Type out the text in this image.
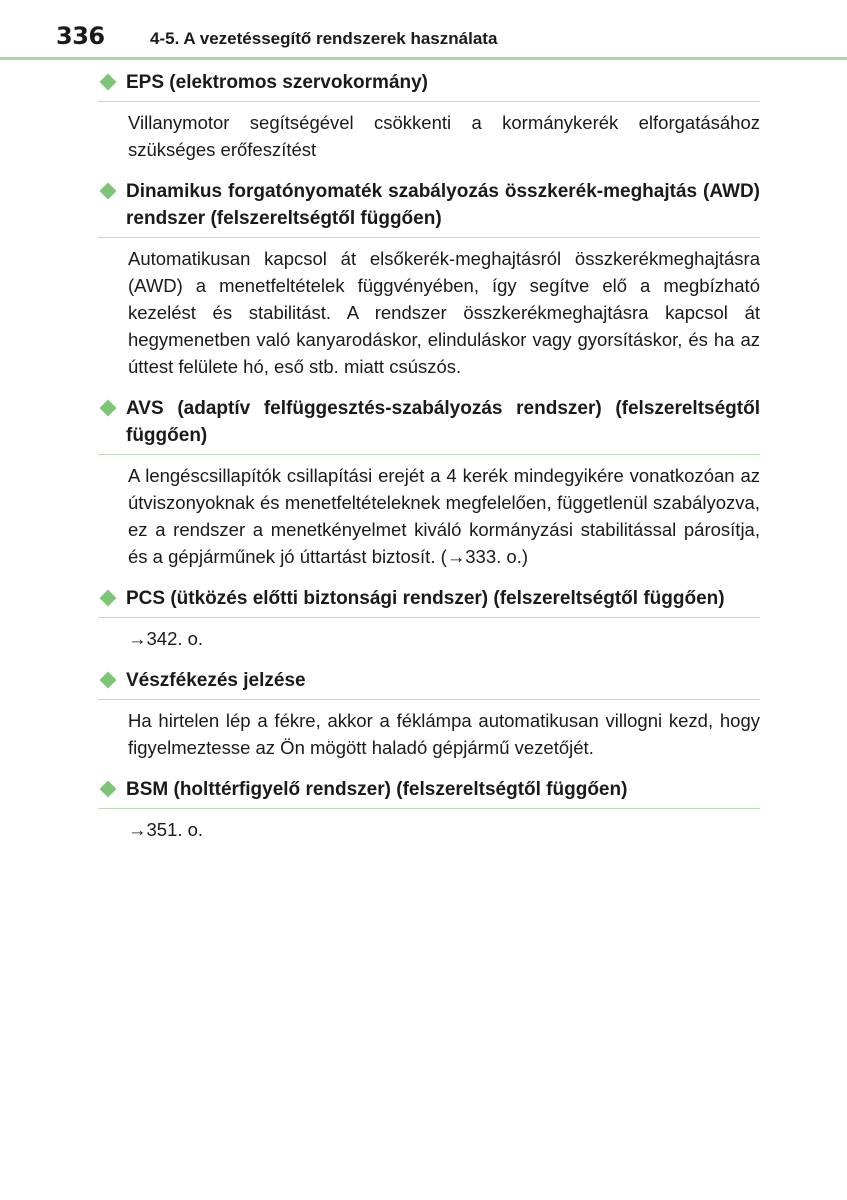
336	4-5. A vezetéssegítő rendszerek használata
EPS (elektromos szervokormány)
Villanymotor segítségével csökkenti a kormánykerék elforgatásához szükséges erőfeszítést
Dinamikus forgatónyomaték szabályozás összkerék-meghajtás (AWD) rendszer (felszereltségtől függően)
Automatikusan kapcsol át elsőkerék-meghajtásról összkerékmeghajtásra (AWD) a menetfeltételek függvényében, így segítve elő a megbízható kezelést és stabilitást. A rendszer összkerékmeghajtásra kapcsol át hegymenetben való kanyarodáskor, elinduláskor vagy gyorsításkor, és ha az úttest felülete hó, eső stb. miatt csúszós.
AVS (adaptív felfüggesztés-szabályozás rendszer) (felszereltségtől függően)
A lengéscsillapítók csillapítási erejét a 4 kerék mindegyikére vonatkozóan az útviszonyoknak és menetfeltételeknek megfelelően, függetlenül szabályozva, ez a rendszer a menetkényelmet kiváló kormányzási stabilitással párosítja, és a gépjárműnek jó úttartást biztosít. (→333. o.)
PCS (ütközés előtti biztonsági rendszer) (felszereltségtől függően)
→342. o.
Vészfékezés jelzése
Ha hirtelen lép a fékre, akkor a féklámpa automatikusan villogni kezd, hogy figyelmeztesse az Ön mögött haladó gépjármű vezetőjét.
BSM (holttérfigyelő rendszer) (felszereltségtől függően)
→351. o.
